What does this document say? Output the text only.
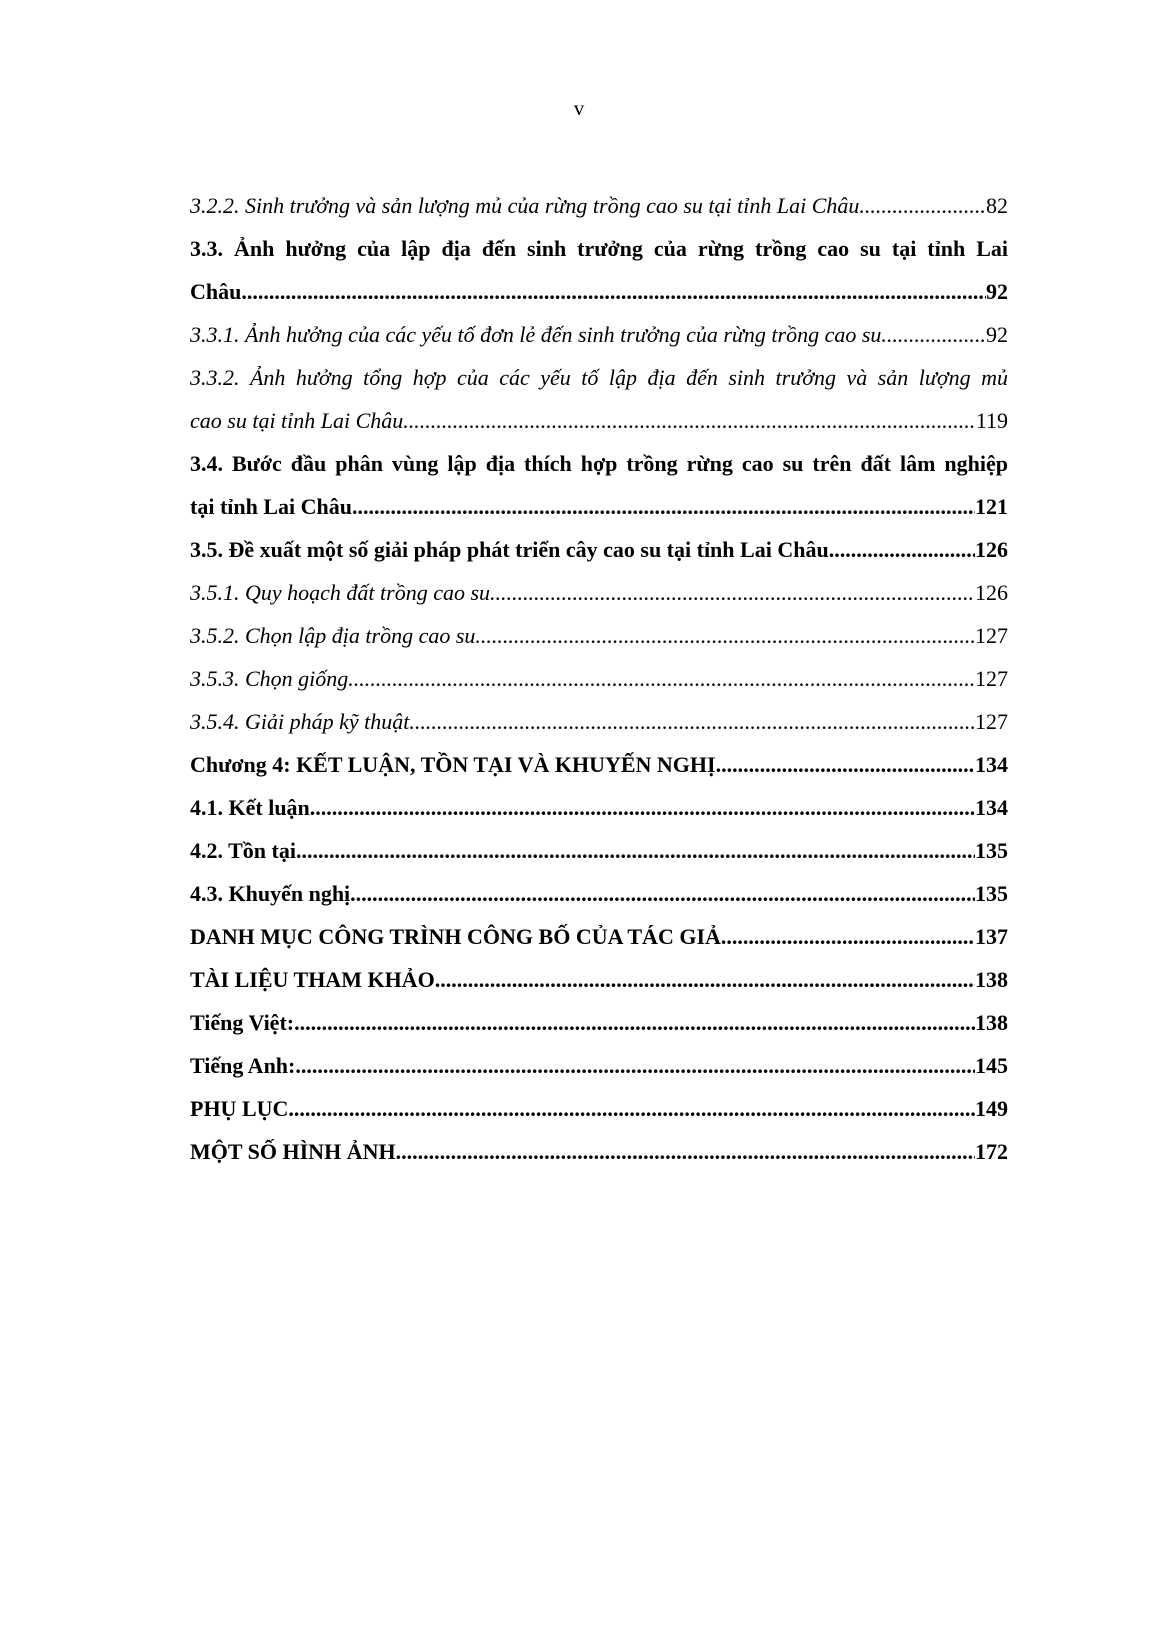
v
3.2.2. Sinh trưởng và sản lượng mủ của rừng trồng cao su tại tỉnh Lai Châu .....	82
3.3. Ảnh hưởng của lập địa đến sinh trưởng của rừng trồng cao su tại tỉnh Lai
Châu .....	92
3.3.1. Ảnh hưởng của các yếu tố đơn lẻ đến sinh trưởng của rừng trồng cao su .....	92
3.3.2. Ảnh hưởng tổng hợp của các yếu tố lập địa đến sinh trưởng và sản lượng mủ
cao su tại tỉnh Lai Châu .....	119
3.4. Bước đầu phân vùng lập địa thích hợp trồng rừng cao su trên đất lâm nghiệp
tại tỉnh Lai Châu .....	121
3.5. Đề xuất một số giải pháp phát triển cây cao su tại tỉnh Lai Châu .....	126
3.5.1. Quy hoạch đất trồng cao su .....	126
3.5.2. Chọn lập địa trồng cao su .....	127
3.5.3. Chọn giống .....	127
3.5.4. Giải pháp kỹ thuật .....	127
Chương 4: KẾT LUẬN, TỒN TẠI VÀ KHUYẾN NGHỊ .....	134
4.1. Kết luận .....	134
4.2. Tồn tại .....	135
4.3. Khuyến nghị .....	135
DANH MỤC CÔNG TRÌNH CÔNG BỐ CỦA TÁC GIẢ .....	137
TÀI LIỆU THAM KHẢO .....	138
Tiếng Việt: .....	138
Tiếng Anh: .....	145
PHỤ LỤC .....	149
MỘT SỐ HÌNH ẢNH .....	172
